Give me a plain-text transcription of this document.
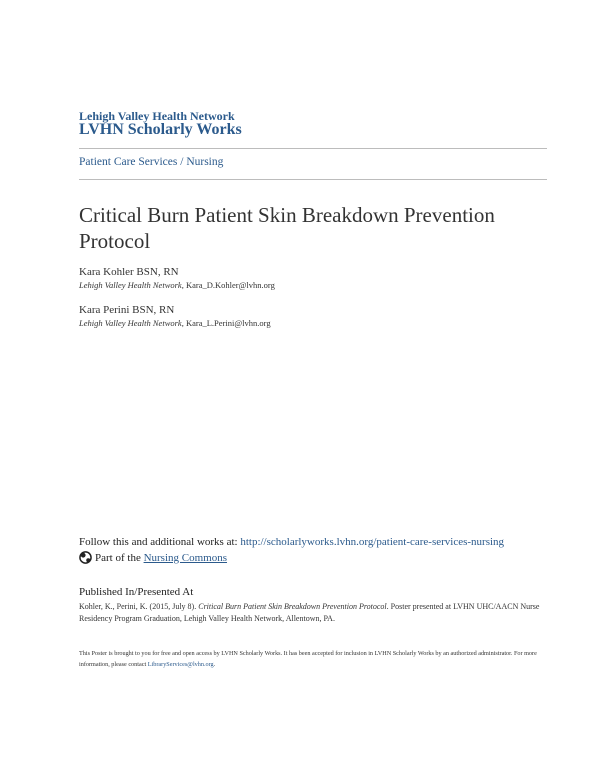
Lehigh Valley Health Network
LVHN Scholarly Works
Patient Care Services / Nursing
Critical Burn Patient Skin Breakdown Prevention Protocol
Kara Kohler BSN, RN
Lehigh Valley Health Network, Kara_D.Kohler@lvhn.org
Kara Perini BSN, RN
Lehigh Valley Health Network, Kara_L.Perini@lvhn.org
Follow this and additional works at: http://scholarlyworks.lvhn.org/patient-care-services-nursing
Part of the
Nursing Commons
Published In/Presented At
Kohler, K., Perini, K. (2015, July 8). Critical Burn Patient Skin Breakdown Prevention Protocol. Poster presented at LVHN UHC/AACN Nurse Residency Program Graduation, Lehigh Valley Health Network, Allentown, PA.
This Poster is brought to you for free and open access by LVHN Scholarly Works. It has been accepted for inclusion in LVHN Scholarly Works by an authorized administrator. For more information, please contact LibraryServices@lvhn.org.
